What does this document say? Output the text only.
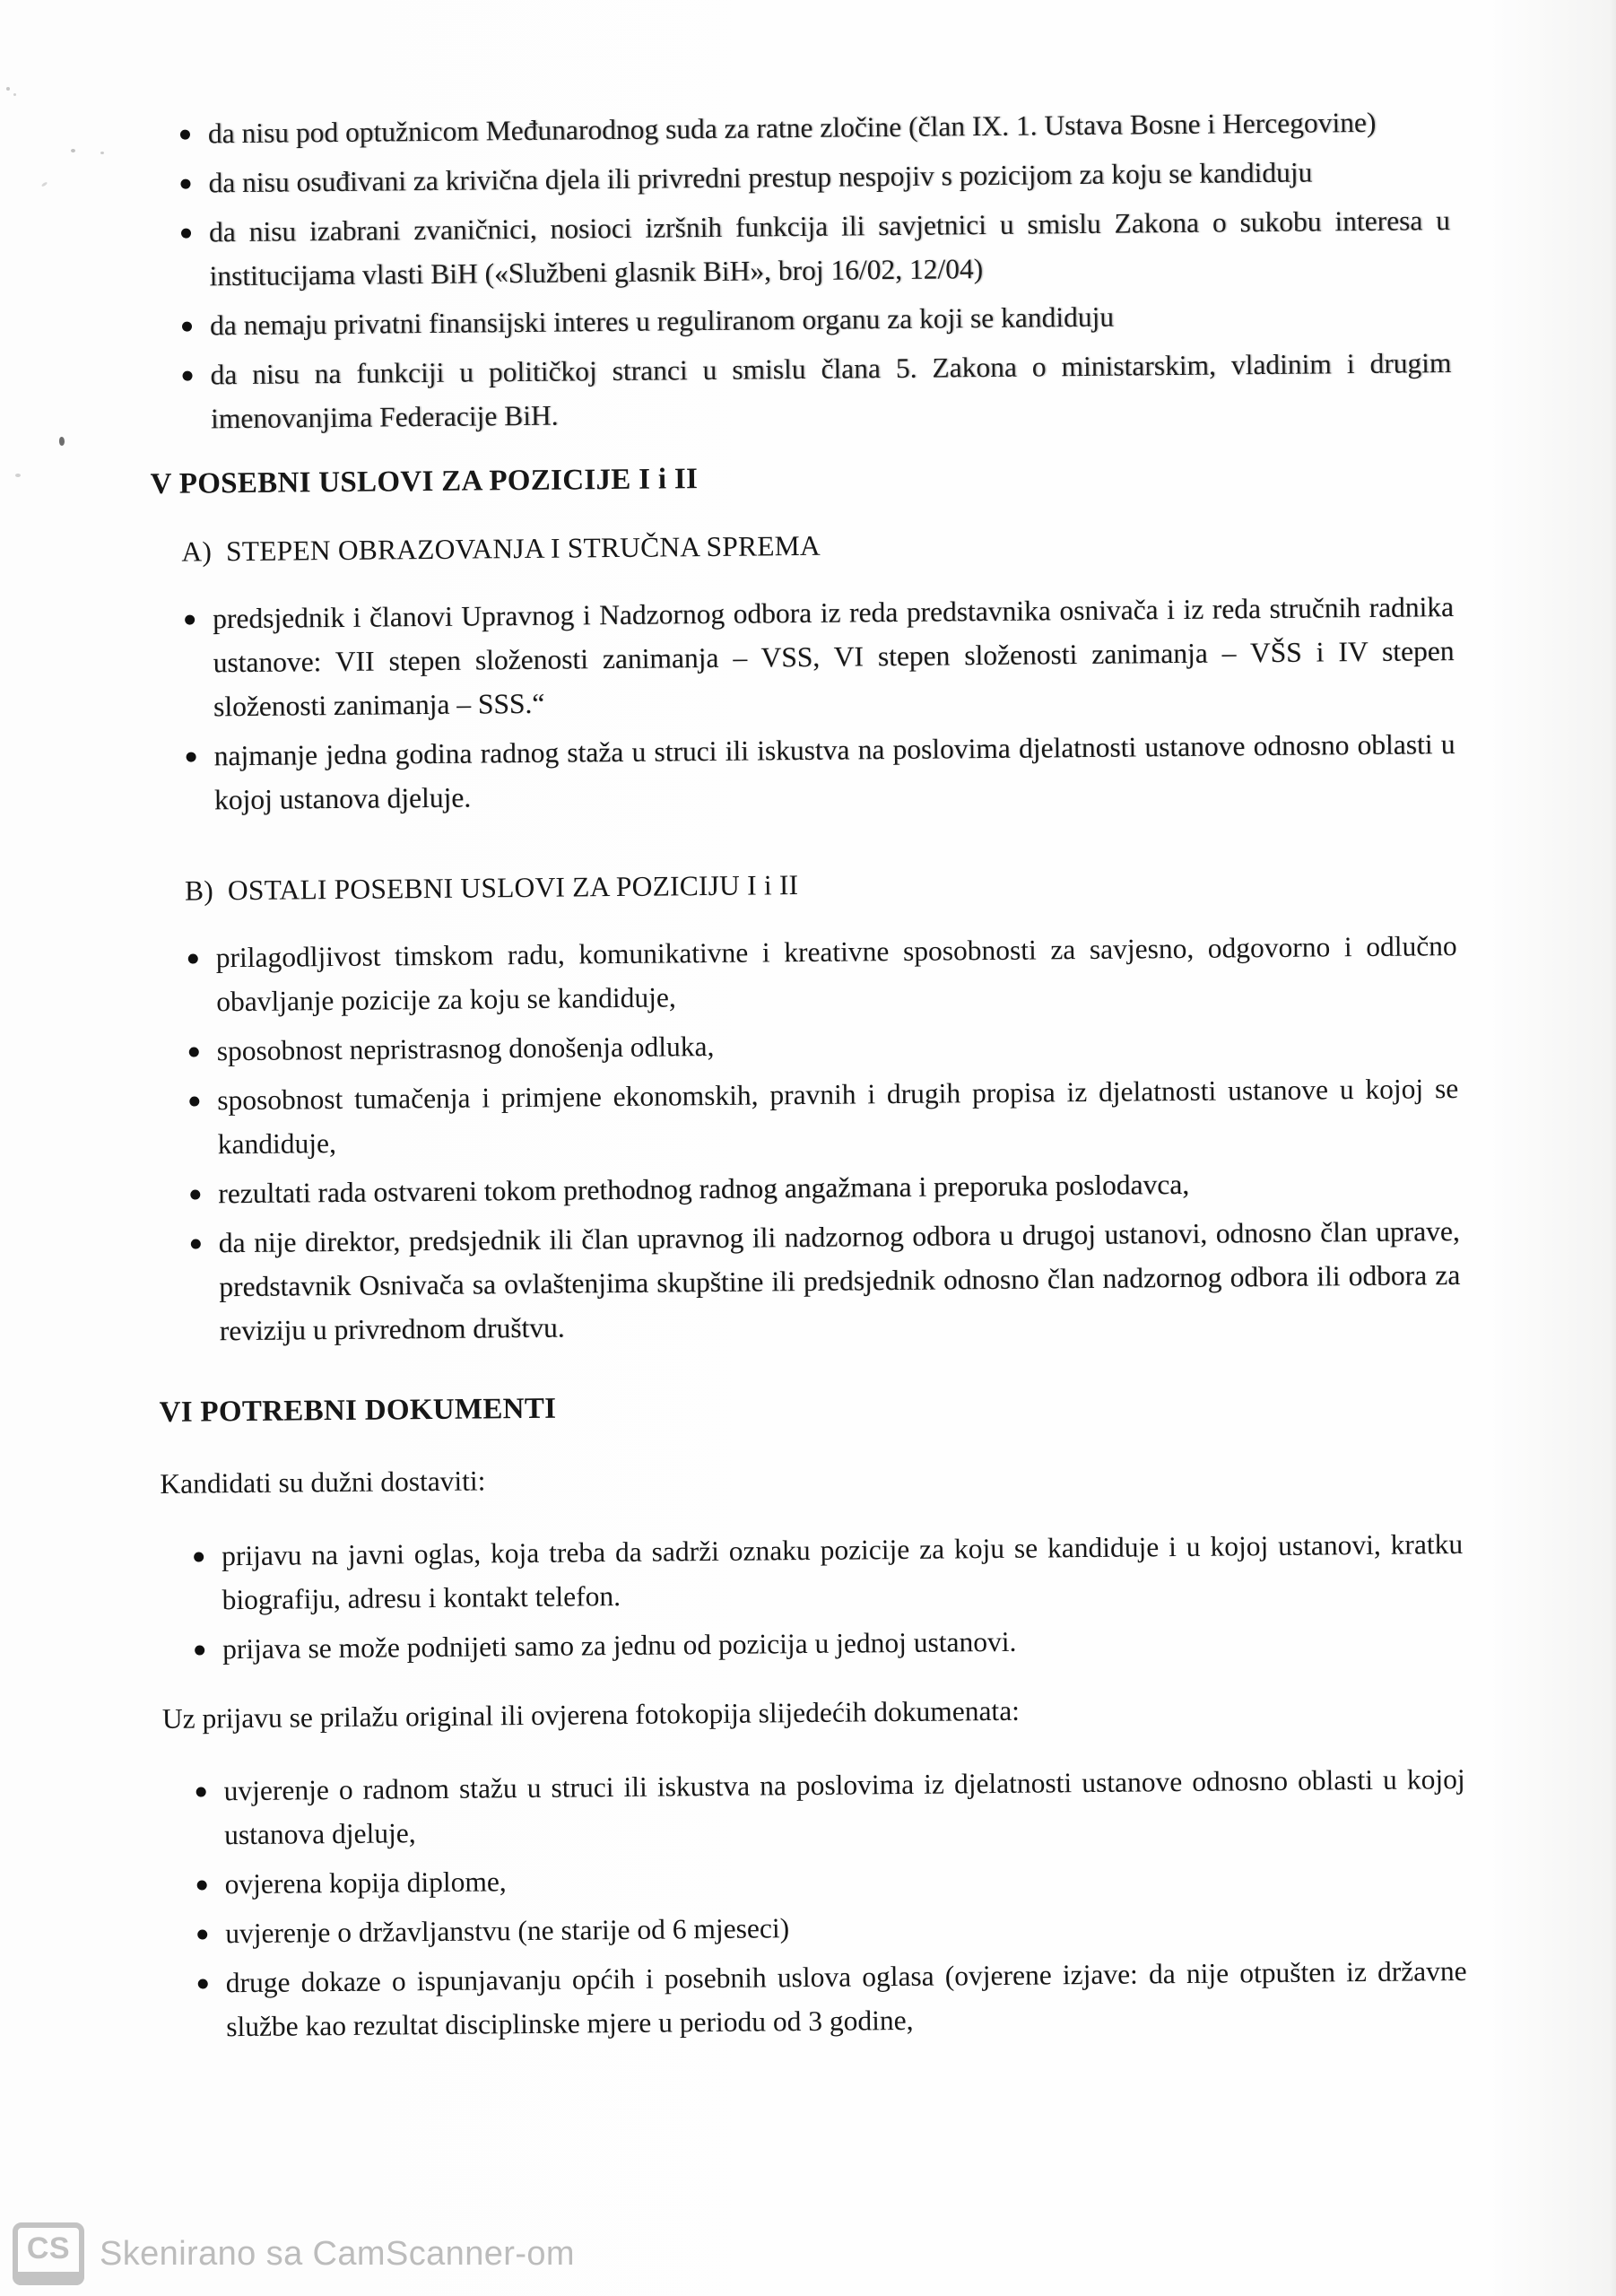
da nisu pod optužnicom Međunarodnog suda za ratne zločine (član IX. 1. Ustava Bosne i Hercegovine)
da nisu osuđivani za krivična djela ili privredni prestup nespojiv s pozicijom za koju se kandiduju
da nisu izabrani zvaničnici, nosioci izršnih funkcija ili savjetnici u smislu Zakona o sukobu interesa u institucijama vlasti BiH («Službeni glasnik BiH», broj 16/02, 12/04)
da nemaju privatni finansijski interes u reguliranom organu za koji se kandiduju
da nisu na funkciji u političkoj stranci u smislu člana 5. Zakona o ministarskim, vladinim i drugim imenovanjima Federacije BiH.
V POSEBNI USLOVI ZA POZICIJE I i II
A) STEPEN OBRAZOVANJA I STRUČNA SPREMA
predsjednik i članovi Upravnog i Nadzornog odbora iz reda predstavnika osnivača i iz reda stručnih radnika ustanove: VII stepen složenosti zanimanja – VSS, VI stepen složenosti zanimanja – VŠS i IV stepen složenosti zanimanja – SSS.“
najmanje jedna godina radnog staža u struci ili iskustva na poslovima djelatnosti ustanove odnosno oblasti u kojoj ustanova djeluje.
B) OSTALI POSEBNI USLOVI ZA POZICIJU I i II
prilagodljivost timskom radu, komunikativne i kreativne sposobnosti za savjesno, odgovorno i odlučno obavljanje pozicije za koju se kandiduje,
sposobnost nepristrasnog donošenja odluka,
sposobnost tumačenja i primjene ekonomskih, pravnih i drugih propisa iz djelatnosti ustanove u kojoj se kandiduje,
rezultati rada ostvareni tokom prethodnog radnog angažmana i preporuka poslodavca,
da nije direktor, predsjednik ili član upravnog ili nadzornog odbora u drugoj ustanovi, odnosno član uprave, predstavnik Osnivača sa ovlaštenjima skupštine ili predsjednik odnosno član nadzornog odbora ili odbora za reviziju u privrednom društvu.
VI POTREBNI DOKUMENTI

Kandidati su dužni dostaviti:

prijavu na javni oglas, koja treba da sadrži oznaku pozicije za koju se kandiduje i u kojoj ustanovi, kratku biografiju, adresu i kontakt telefon.
prijava se može podnijeti samo za jednu od pozicija u jednoj ustanovi.

Uz prijavu se prilažu original ili ovjerena fotokopija slijedećih dokumenata:

uvjerenje o radnom stažu u struci ili iskustva na poslovima iz djelatnosti ustanove odnosno oblasti u kojoj ustanova djeluje,
ovjerena kopija diplome,
uvjerenje o državljanstvu (ne starije od 6 mjeseci)
druge dokaze o ispunjavanju općih i posebnih uslova oglasa (ovjerene izjave: da nije otpušten iz državne službe kao rezultat disciplinske mjere u periodu od 3 godine,
CS Skenirano sa CamScanner-om
